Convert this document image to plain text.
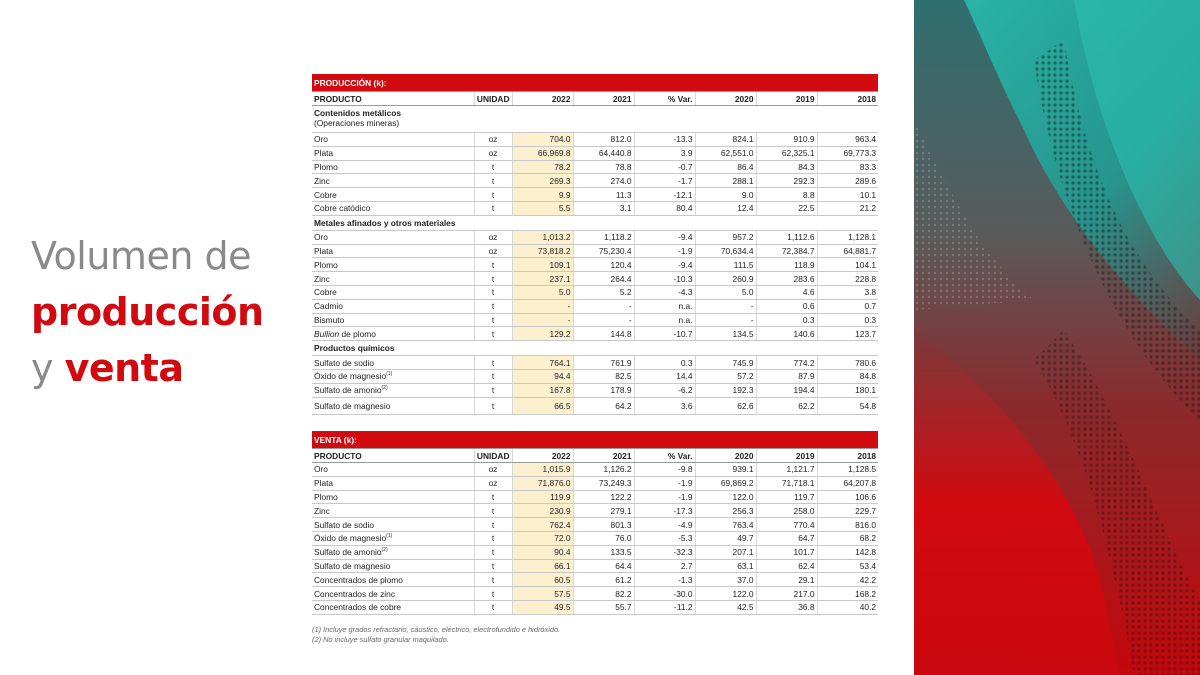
Volumen de
producción
y venta
PRODUCCIÓN (k):							
PRODUCTO	UNIDAD	2022	2021	% Var.	2020	2019	2018
Contenidos metálicos
(Operaciones mineras)							

Oro	oz	704.0	812.0	-13.3	824.1	910.9	963.4
Plata	oz	66,969.8	64,440.8	3.9	62,551.0	62,325.1	69,773.3
Plomo	t	78.2	78.8	-0.7	86.4	84.3	83.3
Zinc	t	269.3	274.0	-1.7	288.1	292.3	289.6
Cobre	t	9.9	11.3	-12.1	9.0	8.8	10.1
Cobre catódico	t	5.5	3.1	80.4	12.4	22.5	21.2
Metales afinados y otros materiales							
Oro	oz	1,013.2	1,118.2	-9.4	957.2	1,112.6	1,128.1
Plata	oz	73,818.2	75,230.4	-1.9	70,634.4	72,384.7	64,881.7
Plomo	t	109.1	120.4	-9.4	111.5	118.9	104.1
Zinc	t	237.1	264.4	-10.3	260.9	283.6	228.8
Cobre	t	5.0	5.2	-4.3	5.0	4.6	3.8
Cadmio	t	-	-	n.a.	-	0.6	0.7
Bismuto	t	-	-	n.a.	-	0.3	0.3
Bullion de plomo	t	129.2	144.8	-10.7	134.5	140.6	123.7
Productos químicos							
Sulfato de sodio	t	764.1	761.9	0.3	745.9	774.2	780.6
Óxido de magnesio$^{(1)}$	t	94.4	82.5	14.4	57.2	87.9	84.8
Sulfato de amonio$^{(2)}$	t	167.8	178.9	-6.2	192.3	194.4	180.1
Sulfato de magnesio	t	66.5	64.2	3.6	62.6	62.2	54.8
VENTA (k):							
PRODUCTO	UNIDAD	2022	2021	% Var.	2020	2019	2018
Oro	oz	1,015.9	1,126.2	-9.8	939.1	1,121.7	1,128.5
Plata	oz	71,876.0	73,249.3	-1.9	69,869.2	71,718.1	64,207.8
Plomo	t	119.9	122.2	-1.9	122.0	119.7	106.6
Zinc	t	230.9	279.1	-17.3	256.3	258.0	229.7
Sulfato de sodio	t	762.4	801.3	-4.9	763.4	770.4	816.0
Óxido de magnesio$^{(1)}$	t	72.0	76.0	-5.3	49.7	64.7	68.2
Sulfato de amonio$^{(2)}$	t	90.4	133.5	-32.3	207.1	101.7	142.8
Sulfato de magnesio	t	66.1	64.4	2.7	63.1	62.4	53.4
Concentrados de plomo	t	60.5	61.2	-1.3	37.0	29.1	42.2
Concentrados de zinc	t	57.5	82.2	-30.0	122.0	217.0	168.2
Concentrados de cobre	t	49.5	55.7	-11.2	42.5	36.8	40.2
(1) Incluye grados refractario, cáustico, eléctrico, electrofundido e hidróxido.
(2) No incluye sulfato granular maquilado.
